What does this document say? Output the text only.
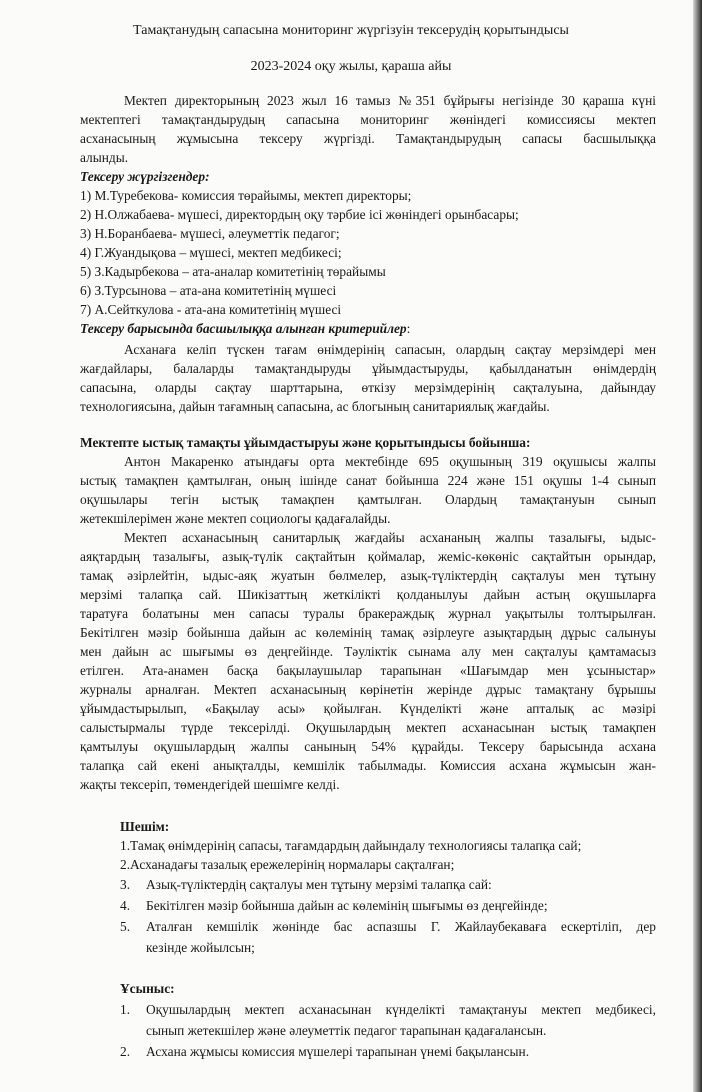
Тамақтанудың сапасына мониторинг жүргізуін тексерудің қорытындысы
2023-2024 оқу жылы, қараша айы
Мектеп директорының 2023 жыл 16 тамыз №351 бұйрығы негізінде 30 қараша күні
мектептегі тамақтандырудың сапасына мониторинг жөніндегі комиссиясы мектеп
асханасының жұмысына тексеру жүргізді. Тамақтандырудың сапасы басшылыққа
алынды.
Тексеру жүргізгендер:
1) М.Туребекова- комиссия төрайымы, мектеп директоры;
2) Н.Олжабаева- мүшесі, директордың оқу тәрбие ісі жөніндегі орынбасары;
3) Н.Боранбаева- мүшесі, әлеуметтік педагог;
4) Г.Жуандықова – мүшесі, мектеп медбикесі;
5) З.Кадырбекова – ата-аналар комитетінің төрайымы
6) З.Турсынова – ата-ана комитетінің мүшесі
7) А.Сейткулова - ата-ана комитетінің мүшесі
Тексеру барысында басшылыққа алынған критерийлер:
Асханаға келіп түскен тағам өнімдерінің сапасын, олардың сақтау мерзімдері мен
жағдайлары, балаларды тамақтандыруды ұйымдастыруды, қабылданатын өнімдердің
сапасына, оларды сақтау шарттарына, өткізу мерзімдерінің сақталуына, дайындау
технологиясына, дайын тағамның сапасына, ас блогының санитариялық жағдайы.
Мектепте ыстық тамақты ұйымдастыруы және қорытындысы бойынша:
Антон Макаренко атындағы орта мектебінде 695 оқушының 319 оқушысы жалпы
ыстық тамақпен қамтылған, оның ішінде санат бойынша 224 және 151 оқушы 1-4 сынып
оқушылары тегін ыстық тамақпен қамтылған. Олардың тамақтануын сынып
жетекшілерімен және мектеп социологы қадағалайды.
Мектеп асханасының санитарлық жағдайы асхананың жалпы тазалығы, ыдыс-
аяқтардың тазалығы, азық-түлік сақтайтын қоймалар, жеміс-көкөніс сақтайтын орындар,
тамақ әзірлейтін, ыдыс-аяқ жуатын бөлмелер, азық-түліктердің сақталуы мен тұтыну
мерзімі талапқа сай. Шикізаттың жеткілікті қолданылуы дайын астың оқушыларға
таратуға болатыны мен сапасы туралы бракеражды​қ журнал уақытылы толтырылған.
Бекітілген мәзір бойынша дайын ас көлемінің тамақ әзірлеуге азықтардың дұрыс салынуы
мен дайын ас шығымы өз деңгейінде. Тәуліктік сынама алу мен сақталуы қамтамасыз
етілген. Ата-анамен басқа бақылаушылар тарапынан «Шағымдар мен ұсыныстар»
журналы арналған. Мектеп асханасының көрінетін жерінде дұрыс тамақтану бұрышы
ұйымдастырылып, «Бақылау асы» қойылған. Күнделікті және апталық ас мәзірі
салыстырмалы түрде тексерілді. Оқушылардың мектеп асханасынан ыстық тамақпен
қамтылуы оқушылардың жалпы санының 54% құрайды. Тексеру барысында асхана
талапқа сай екені анықталды, кемшілік табылмады. Комиссия асхана жұмысын жан-
жақты тексеріп, төмендегідей шешімге келді.
Шешім:
1.Тамақ өнімдерінің сапасы, тағамдардың дайындалу технологиясы талапқа сай;
2.Асханадағы тазалық ережелерінің нормалары сақталған;
3. Азық-түліктердің сақталуы мен тұтыну мерзімі талапқа сай:
4. Бекітілген мәзір бойынша дайын ас көлемінің шығымы өз деңгейінде;
5. Аталған кемшілік жөнінде бас аспазшы Г. Жайлаубекаваға ескертіліп, дер
кезінде жойылсын;
Ұсыныс:
1. Оқушылардың мектеп асханасынан күнделікті тамақтануы мектеп медбикесі,
сынып жетекшілер және әлеуметтік педагог тарапынан қадағалансын.
2. Асхана жұмысы комиссия мүшелері тарапынан үнемі бақылансын.
